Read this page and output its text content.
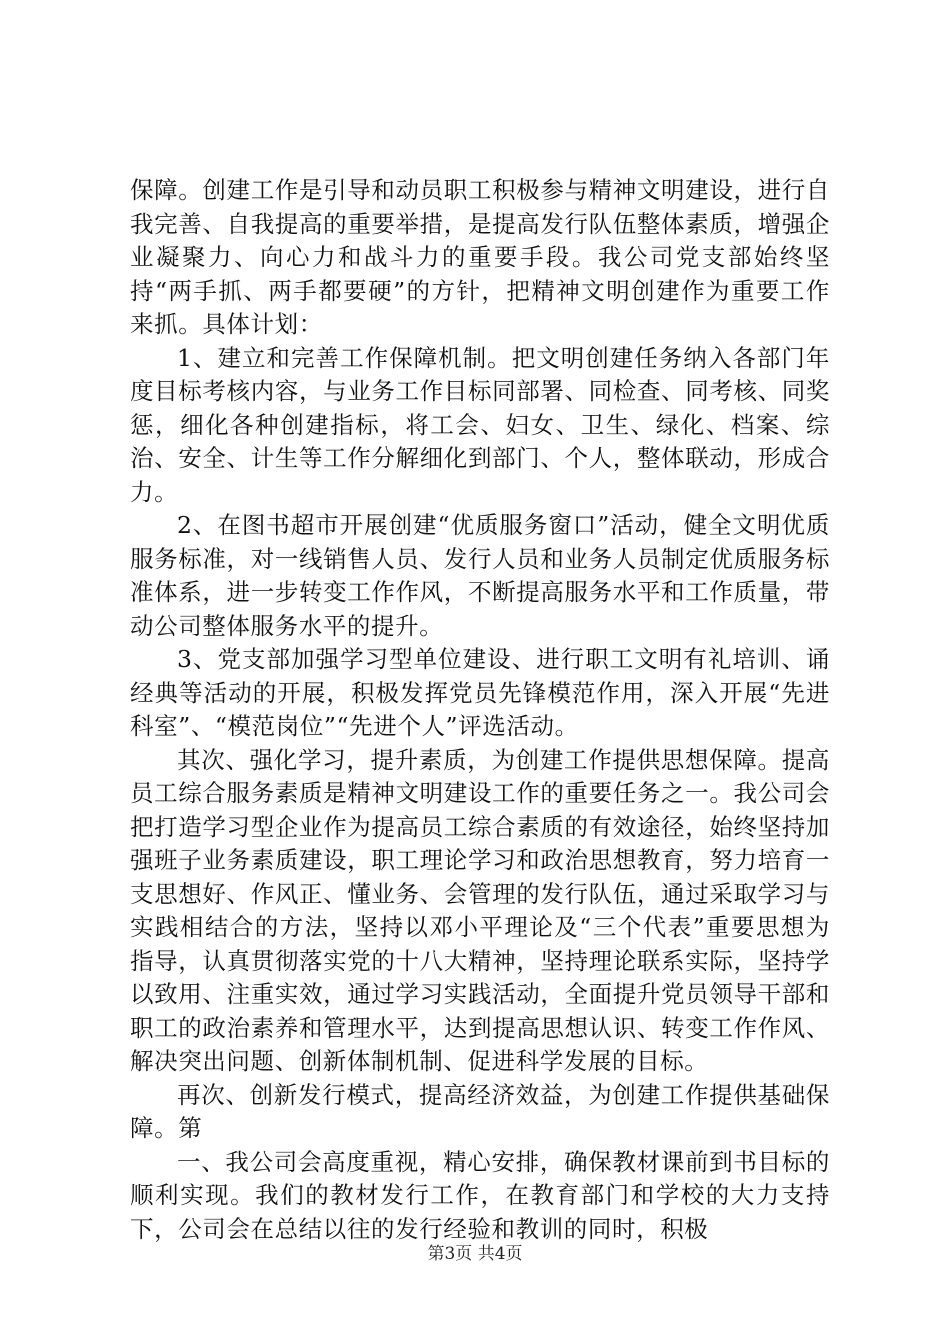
保障。创建工作是引导和动员职工积极参与精神文明建设，进行自我完善、自我提高的重要举措，是提高发行队伍整体素质，增强企业凝聚力、向心力和战斗力的重要手段。我公司党支部始终坚持“两手抓、两手都要硬”的方针，把精神文明创建作为重要工作来抓。具体计划：

1、建立和完善工作保障机制。把文明创建任务纳入各部门年度目标考核内容，与业务工作目标同部署、同检查、同考核、同奖惩，细化各种创建指标，将工会、妇女、卫生、绿化、档案、综治、安全、计生等工作分解细化到部门、个人，整体联动，形成合力。

2、在图书超市开展创建“优质服务窗口”活动，健全文明优质服务标准，对一线销售人员、发行人员和业务人员制定优质服务标准体系，进一步转变工作作风，不断提高服务水平和工作质量，带动公司整体服务水平的提升。

3、党支部加强学习型单位建设、进行职工文明有礼培训、诵经典等活动的开展，积极发挥党员先锋模范作用，深入开展“先进科室”、“模范岗位”“先进个人”评选活动。

其次、强化学习，提升素质，为创建工作提供思想保障。提高员工综合服务素质是精神文明建设工作的重要任务之一。我公司会把打造学习型企业作为提高员工综合素质的有效途径，始终坚持加强班子业务素质建设，职工理论学习和政治思想教育，努力培育一支思想好、作风正、懂业务、会管理的发行队伍，通过采取学习与实践相结合的方法，坚持以邓小平理论及“三个代表”重要思想为指导，认真贯彻落实党的十八大精神，坚持理论联系实际，坚持学以致用、注重实效，通过学习实践活动，全面提升党员领导干部和职工的政治素养和管理水平，达到提高思想认识、转变工作作风、解决突出问题、创新体制机制、促进科学发展的目标。

再次、创新发行模式，提高经济效益，为创建工作提供基础保障。第

一、我公司会高度重视，精心安排，确保教材课前到书目标的顺利实现。我们的教材发行工作，在教育部门和学校的大力支持下，公司会在总结以往的发行经验和教训的同时，积极

第3页 共4页
